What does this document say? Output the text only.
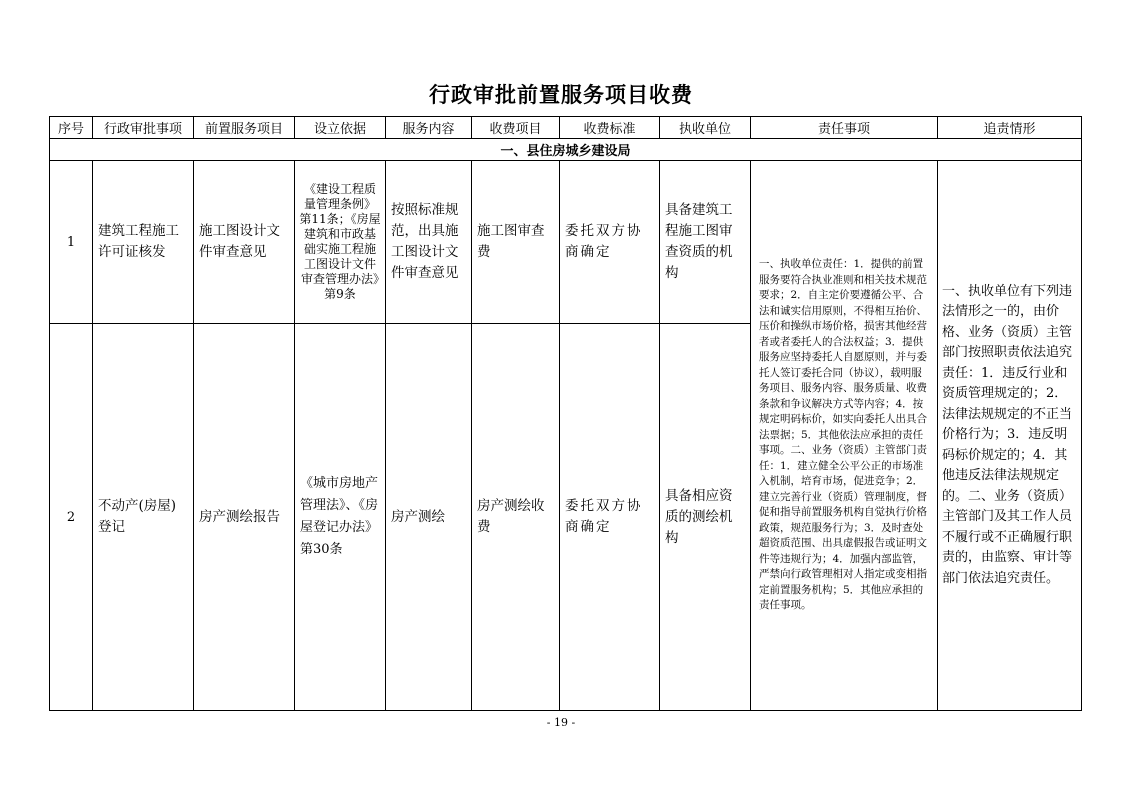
行政审批前置服务项目收费
序号	行政审批事项	前置服务项目	设立依据	服务内容	收费项目	收费标准	执收单位	责任事项	追责情形
一、县住房城乡建设局									
1	建筑工程施工许可证核发	施工图设计文件审查意见	《建设工程质量管理条例》第11条；《房屋建筑和市政基础实施工程施工图设计文件审查管理办法》第9条	按照标准规范，出具施工图设计文件审查意见	施工图审查费	委托双方协商确定	具备建筑工程施工图审查资质的机构	一、执收单位责任：1．提供的前置服务要符合执业准则和相关技术规范要求；2．自主定价要遵循公平、合法和诚实信用原则，不得相互抬价、压价和操纵市场价格，损害其他经营者或者委托人的合法权益；3．提供服务应坚持委托人自愿原则，并与委托人签订委托合同（协议），载明服务项目、服务内容、服务质量、收费条款和争议解决方式等内容；4．按规定明码标价，如实向委托人出具合法票据；5．其他依法应承担的责任事项。二、业务（资质）主管部门责任：1．建立健全公平公正的市场准入机制，培育市场，促进竞争；2．建立完善行业（资质）管理制度，督促和指导前置服务机构自觉执行价格政策，规范服务行为；3．及时查处超资质范围、出具虚假报告或证明文件等违规行为；4．加强内部监管，严禁向行政管理相对人指定或变相指定前置服务机构；5．其他应承担的责任事项。	一、执收单位有下列违法情形之一的，由价格、业务（资质）主管部门按照职责依法追究责任：1．违反行业和资质管理规定的；2．法律法规规定的不正当价格行为；3．违反明码标价规定的；4．其他违反法律法规规定的。二、业务（资质）主管部门及其工作人员不履行或不正确履行职责的，由监察、审计等部门依法追究责任。
2	不动产(房屋)登记	房产测绘报告	《城市房地产管理法》、《房屋登记办法》第30条	房产测绘	房产测绘收费	委托双方协商确定	具备相应资质的测绘机构		
- 19 -
